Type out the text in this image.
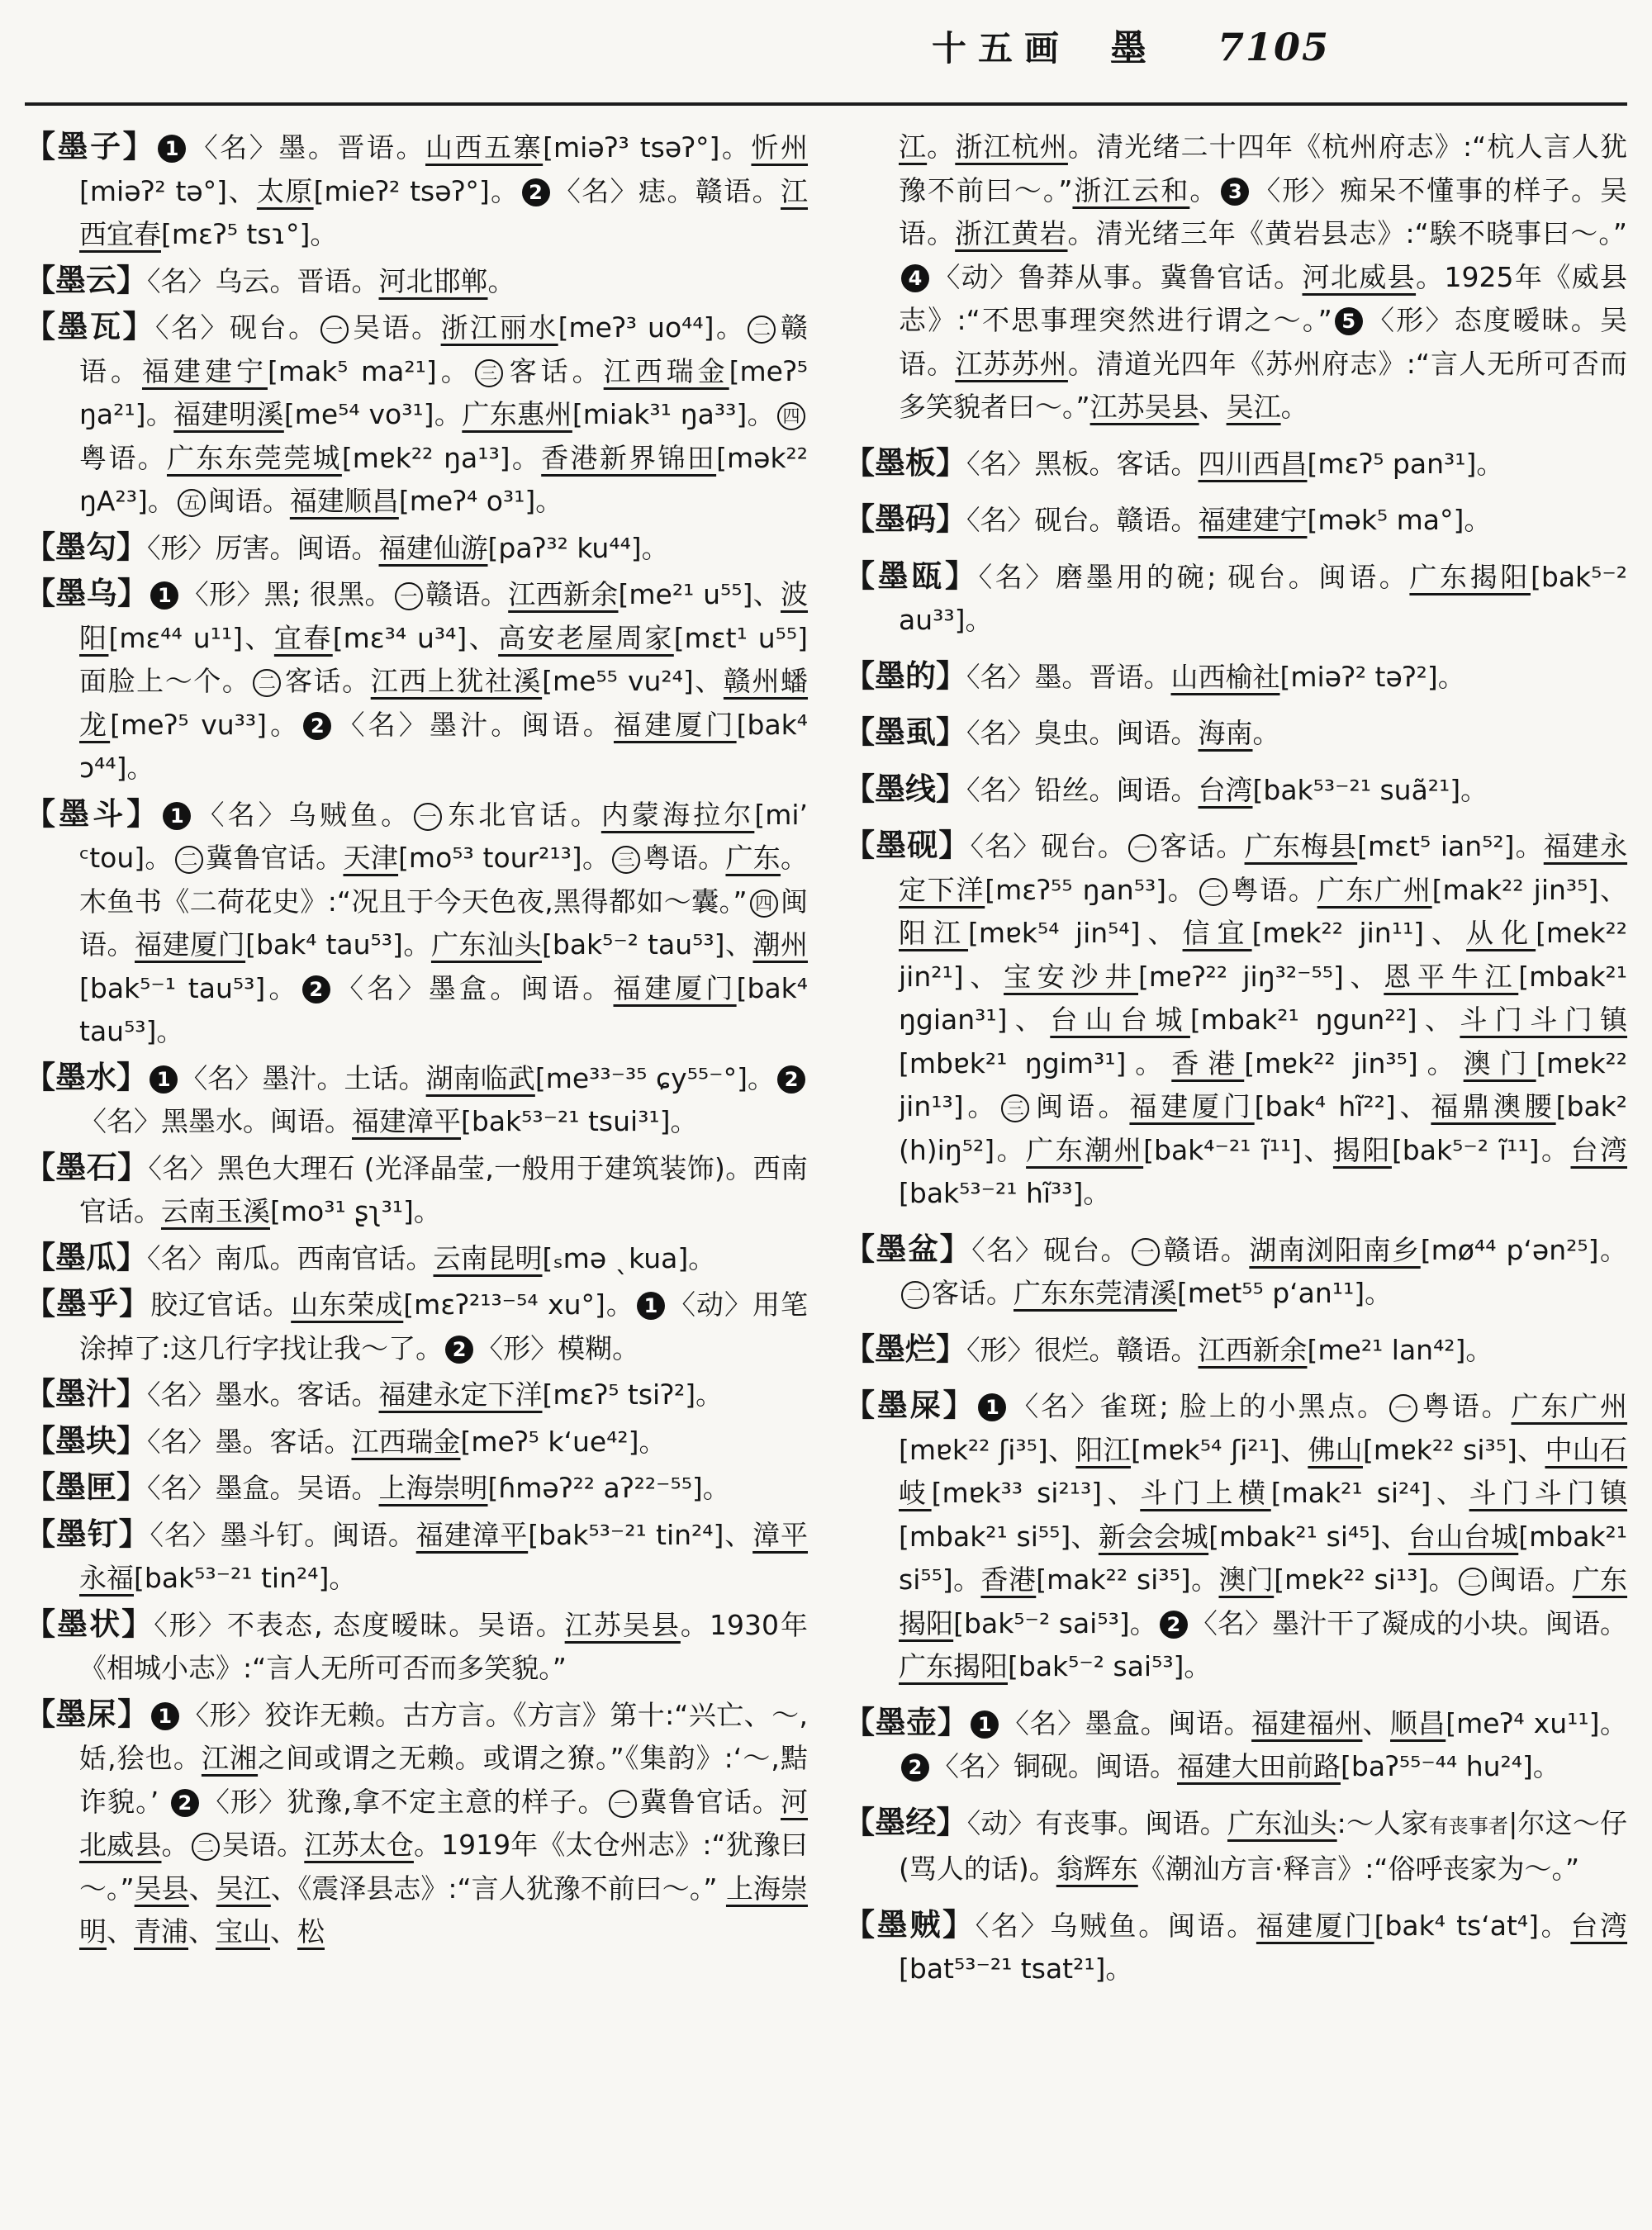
十五画 墨 7105
【墨子】 1 〈名〉墨。晋语。山西五寨[miəʔ³ tsəʔ°]。忻州[miəʔ² tə°]、太原[mieʔ² tsəʔ°]。 2 〈名〉痣。赣语。江西宜春[mɛʔ⁵ tsɿ°]。
【墨云】〈名〉乌云。晋语。河北邯郸。
【墨瓦】〈名〉砚台。 一 吴语。浙江丽水[meʔ³ uo⁴⁴]。 二 赣语。福建建宁[mak⁵ ma²¹]。 三 客话。江西瑞金[meʔ⁵ ŋa²¹]。福建明溪[me⁵⁴ vo³¹]。广东惠州[miak³¹ ŋa³³]。 四粤语。广东东莞莞城[mɐk²² ŋa¹³]。香港新界锦田[mək²² ŋA²³]。 五 闽语。福建顺昌[meʔ⁴ o³¹]。
【墨勾】〈形〉厉害。闽语。福建仙游[paʔ³² ku⁴⁴]。
【墨乌】 1 〈形〉黑; 很黑。 一 赣语。江西新余[me²¹ u⁵⁵]、波阳[mɛ⁴⁴ u¹¹]、宜春[mɛ³⁴ u³⁴]、高安老屋周家[mɛt¹ u⁵⁵] 面脸上～个。 二 客话。江西上犹社溪[me⁵⁵ vu²⁴]、赣州蟠龙[meʔ⁵ vu³³]。 2 〈名〉墨汁。闽语。福建厦门[bak⁴ ɔ⁴⁴]。
【墨斗】 1 〈名〉乌贼鱼。 一 东北官话。内蒙海拉尔[mi’ ᶜtou]。 二 冀鲁官话。天津[mo⁵³ tour²¹³]。 三 粤语。广东。木鱼书《二荷花史》:“况且于今天色夜,黑得都如～囊。” 四 闽语。福建厦门[bak⁴ tau⁵³]。广东汕头[bak⁵⁻² tau⁵³]、潮州[bak⁵⁻¹ tau⁵³]。 2 〈名〉墨盒。闽语。福建厦门[bak⁴ tau⁵³]。
【墨水】 1 〈名〉墨汁。土话。湖南临武[me³³⁻³⁵ ɕy⁵⁵⁻°]。 2〈名〉黑墨水。闽语。福建漳平[bak⁵³⁻²¹ tsui³¹]。
【墨石】〈名〉黑色大理石 (光泽晶莹,一般用于建筑装饰)。西南官话。云南玉溪[mo³¹ ʂʅ³¹]。
【墨瓜】〈名〉南瓜。西南官话。云南昆明[ₛmə ˎkua]。
【墨乎】胶辽官话。山东荣成[mɛʔ²¹³⁻⁵⁴ xu°]。 1 〈动〉用笔涂掉了:这几行字找让我～了。 2 〈形〉模糊。
【墨汁】〈名〉墨水。客话。福建永定下洋[mɛʔ⁵ tsiʔ²]。
【墨块】〈名〉墨。客话。江西瑞金[meʔ⁵ k‘ue⁴²]。
【墨匣】〈名〉墨盒。吴语。上海崇明[ɦməʔ²² aʔ²²⁻⁵⁵]。
【墨钉】〈名〉墨斗钉。闽语。福建漳平[bak⁵³⁻²¹ tin²⁴]、漳平永福[bak⁵³⁻²¹ tin²⁴]。
【墨状】〈形〉不表态, 态度暧昧。吴语。江苏吴县。1930年《相城小志》:“言人无所可否而多笑貌。”
【墨杘】 1 〈形〉狡诈无赖。古方言。《方言》第十:“兴亡、～,姡,狯也。江湘之间或谓之无赖。或谓之獠。”《集韵》:‘～,黠诈貌。’ 2 〈形〉犹豫,拿不定主意的样子。 一 冀鲁官话。河北威县。 二 吴语。江苏太仓。1919年《太仓州志》:“犹豫曰～。”吴县、吴江、《震泽县志》:“言人犹豫不前曰～。” 上海崇明、青浦、宝山、松
江。浙江杭州。清光绪二十四年《杭州府志》:“杭人言人犹豫不前曰～。”浙江云和。 3 〈形〉痴呆不懂事的样子。吴语。浙江黄岩。清光绪三年《黄岩县志》:“騃不晓事曰～。”4 〈动〉鲁莽从事。冀鲁官话。河北威县。1925年《威县志》:“不思事理突然进行谓之～。” 5 〈形〉态度暧昧。吴语。江苏苏州。清道光四年《苏州府志》:“言人无所可否而多笑貌者曰～。”江苏吴县、吴江。
【墨板】〈名〉黑板。客话。四川西昌[mɛʔ⁵ pan³¹]。
【墨码】〈名〉砚台。赣语。福建建宁[mək⁵ ma°]。
【墨瓯】〈名〉磨墨用的碗; 砚台。闽语。广东揭阳[bak⁵⁻² au³³]。
【墨的】〈名〉墨。晋语。山西榆社[miəʔ² təʔ²]。
【墨虱】〈名〉臭虫。闽语。海南。
【墨线】〈名〉铅丝。闽语。台湾[bak⁵³⁻²¹ suã²¹]。
【墨砚】〈名〉砚台。 一 客话。广东梅县[mɛt⁵ ian⁵²]。福建永定下洋[mɛʔ⁵⁵ ŋan⁵³]。 二 粤语。广东广州[mak²² jin³⁵]、阳江[mɐk⁵⁴ jin⁵⁴]、信宜[mɐk²² jin¹¹]、从化[mek²² jin²¹]、宝安沙井[mɐʔ²² jiŋ³²⁻⁵⁵]、恩平牛江[mbak²¹ ŋgian³¹]、台山台城[mbak²¹ ŋgun²²]、斗门斗门镇[mbɐk²¹ ŋgim³¹]。香港[mɐk²² jin³⁵]。澳门[mɐk²² jin¹³]。 三 闽语。福建厦门[bak⁴ hĩ²²]、福鼎澳腰[bak² (h)iŋ⁵²]。广东潮州[bak⁴⁻²¹ ĩ¹¹]、揭阳[bak⁵⁻² ĩ¹¹]。台湾[bak⁵³⁻²¹ hĩ³³]。
【墨盆】〈名〉砚台。 一 赣语。湖南浏阳南乡[mø⁴⁴ p‘ən²⁵]。二 客话。广东东莞清溪[met⁵⁵ p‘an¹¹]。
【墨烂】〈形〉很烂。赣语。江西新余[me²¹ lan⁴²]。
【墨屎】 1 〈名〉雀斑; 脸上的小黑点。 一 粤语。广东广州[mɐk²² ʃi³⁵]、阳江[mɐk⁵⁴ ʃi²¹]、佛山[mɐk²² si³⁵]、中山石岐[mɐk³³ si²¹³]、斗门上横[mak²¹ si²⁴]、斗门斗门镇[mbak²¹ si⁵⁵]、新会会城[mbak²¹ si⁴⁵]、台山台城[mbak²¹ si⁵⁵]。香港[mak²² si³⁵]。澳门[mɐk²² si¹³]。 二 闽语。广东揭阳[bak⁵⁻² sai⁵³]。 2 〈名〉墨汁干了凝成的小块。闽语。广东揭阳[bak⁵⁻² sai⁵³]。
【墨壶】 1 〈名〉墨盒。闽语。福建福州、顺昌[meʔ⁴ xu¹¹]。2 〈名〉铜砚。闽语。福建大田前路[baʔ⁵⁵⁻⁴⁴ hu²⁴]。
【墨经】〈动〉有丧事。闽语。广东汕头:～人家有丧事者|尔这～仔(骂人的话)。翁辉东《潮汕方言·释言》:“俗呼丧家为～。”
【墨贼】〈名〉乌贼鱼。闽语。福建厦门[bak⁴ ts‘at⁴]。台湾[bat⁵³⁻²¹ tsat²¹]。
